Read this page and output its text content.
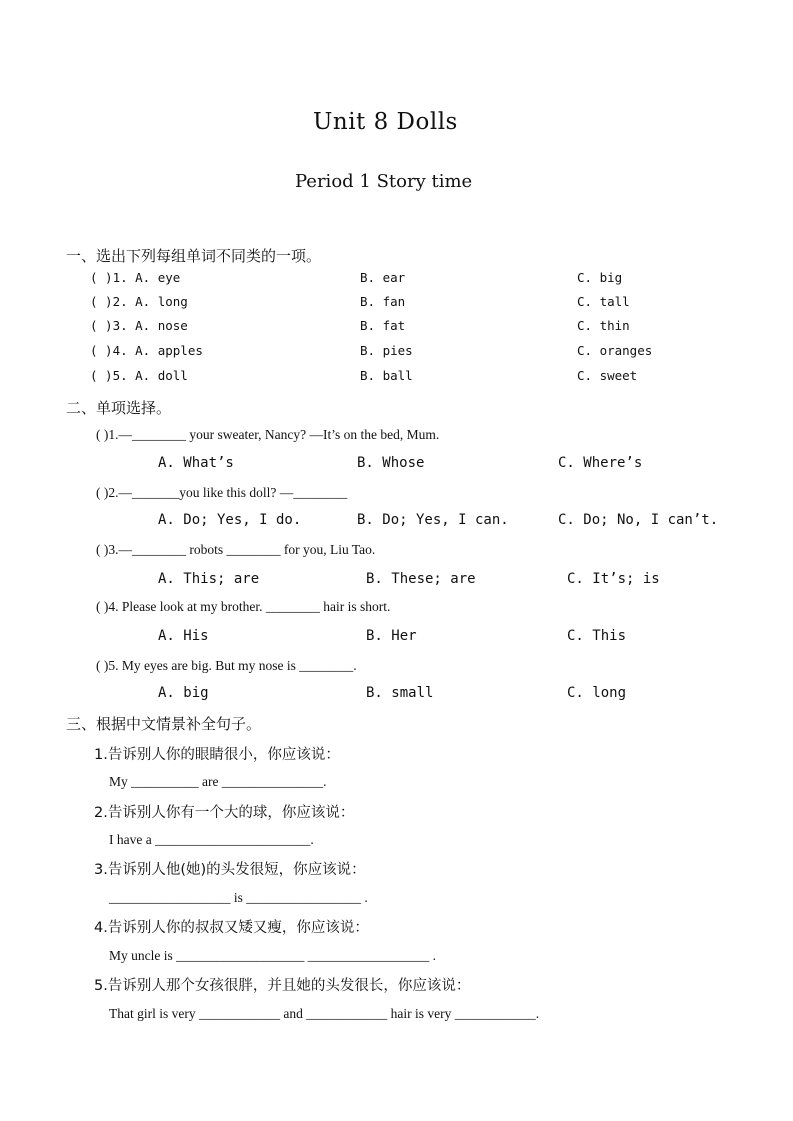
Unit 8 Dolls
Period 1 Story time
一、选出下列每组单词不同类的一项。
( )1. A. eye	B. ear	C. big
( )2. A. long	B. fan	C. tall
( )3. A. nose	B. fat	C. thin
( )4. A. apples	B. pies	C. oranges
( )5. A. doll	B. ball	C. sweet
二、单项选择。
( )1.—________ your sweater, Nancy? —It’s on the bed, Mum.
A. What’s	B. Whose	C. Where’s
( )2.—_______you like this doll? —________
A. Do; Yes, I do.	B. Do; Yes, I can.	C. Do; No, I can’t.
( )3.—________ robots ________ for you, Liu Tao.
A. This; are	B. These; are	C. It’s; is
( )4. Please look at my brother. ________ hair is short.
A. His	B. Her	C. This
( )5. My eyes are big. But my nose is ________.
A. big	B. small	C. long
三、根据中文情景补全句子。
1.告诉别人你的眼睛很小，你应该说：
My __________ are _______________.
2.告诉别人你有一个大的球，你应该说：
I have a _______________________.
3.告诉别人他(她)的头发很短，你应该说：
__________________ is _________________ .
4.告诉别人你的叔叔又矮又瘦，你应该说：
My uncle is ___________________ __________________ .
5.告诉别人那个女孩很胖，并且她的头发很长，你应该说：
That girl is very ____________ and ____________ hair is very ____________.
